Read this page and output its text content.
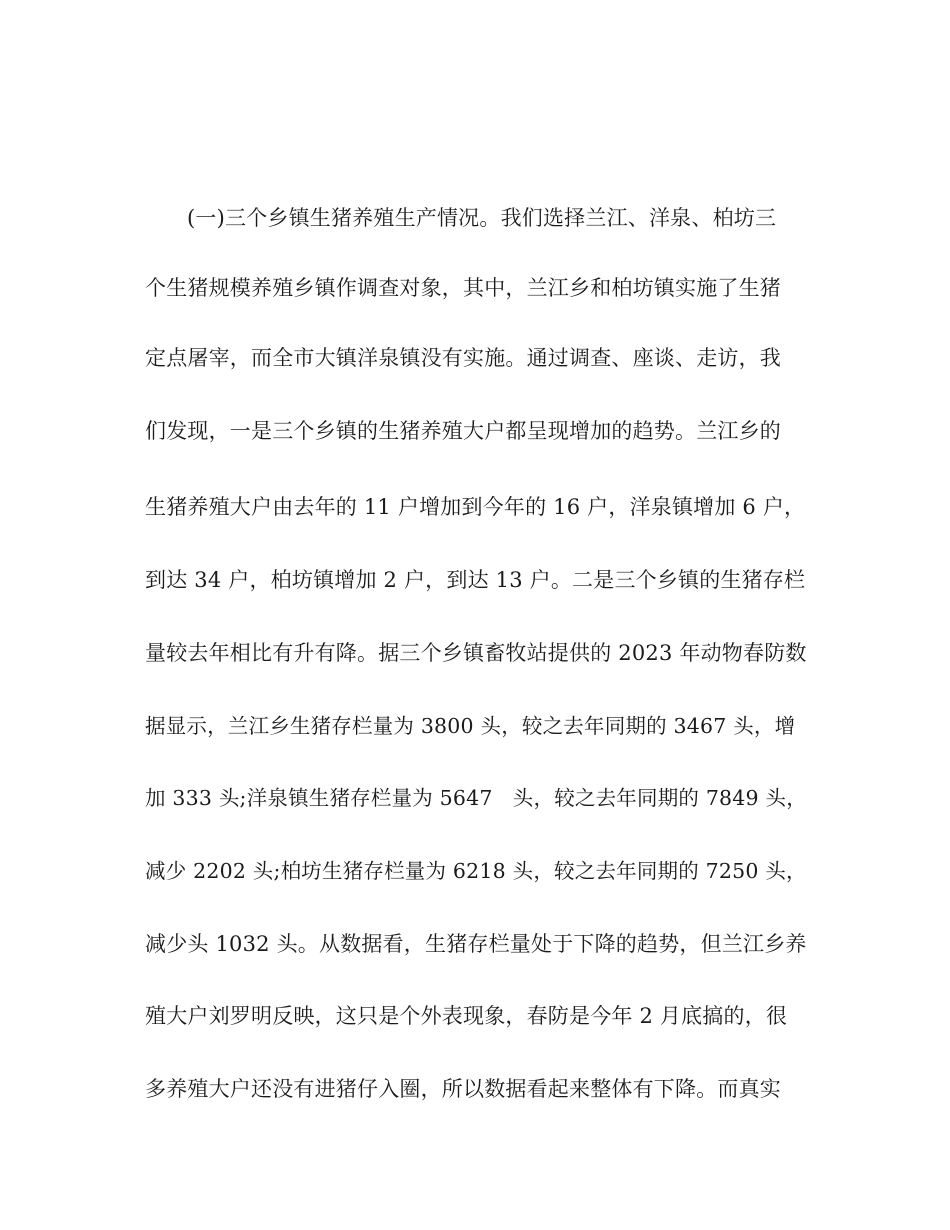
(一)三个乡镇生猪养殖生产情况。我们选择兰江、洋泉、柏坊三
个生猪规模养殖乡镇作调查对象，其中，兰江乡和柏坊镇实施了生猪
定点屠宰，而全市大镇洋泉镇没有实施。通过调查、座谈、走访，我
们发现，一是三个乡镇的生猪养殖大户都呈现增加的趋势。兰江乡的
生猪养殖大户由去年的 11 户增加到今年的 16 户，洋泉镇增加 6 户，
到达 34 户，柏坊镇增加 2 户，到达 13 户。二是三个乡镇的生猪存栏
量较去年相比有升有降。据三个乡镇畜牧站提供的 2023 年动物春防数
据显示，兰江乡生猪存栏量为 3800 头，较之去年同期的 3467 头，增
加 333 头;洋泉镇生猪存栏量为 5647   头，较之去年同期的 7849 头，
减少 2202 头;柏坊生猪存栏量为 6218 头，较之去年同期的 7250 头，
减少头 1032 头。从数据看，生猪存栏量处于下降的趋势，但兰江乡养
殖大户刘罗明反映，这只是个外表现象，春防是今年 2 月底搞的，很
多养殖大户还没有进猪仔入圈，所以数据看起来整体有下降。而真实
